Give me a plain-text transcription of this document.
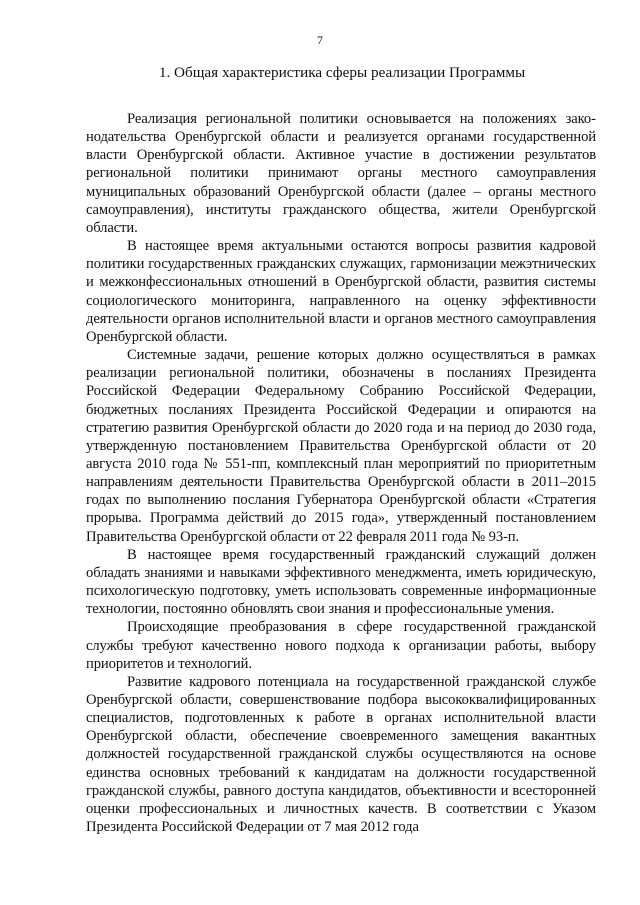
7
1. Общая характеристика сферы реализации Программы

Реализация региональной политики основывается на положениях законодательства Оренбургской области и реализуется органами государственной власти Оренбургской области. Активное участие в достижении результатов региональной политики принимают органы местного самоуправления муниципальных образований Оренбургской области (далее – органы местного самоуправления), институты гражданского общества, жители Оренбургской области.

В настоящее время актуальными остаются вопросы развития кадровой политики государственных гражданских служащих, гармонизации межэтнических и межконфессиональных отношений в Оренбургской области, развития системы социологического мониторинга, направленного на оценку эффективности деятельности органов исполнительной власти и органов местного самоуправления Оренбургской области.

Системные задачи, решение которых должно осуществляться в рамках реализации региональной политики, обозначены в посланиях Президента Российской Федерации Федеральному Собранию Российской Федерации, бюджетных посланиях Президента Российской Федерации и опираются на стратегию развития Оренбургской области до 2020 года и на период до 2030 года, утвержденную постановлением Правительства Оренбургской области от 20 августа 2010 года № 551-пп, комплексный план мероприятий по приоритетным направлениям деятельности Правительства Оренбургской области в 2011–2015 годах по выполнению послания Губернатора Оренбургской области «Стратегия прорыва. Программа действий до 2015 года», утвержденный постановлением Правительства Оренбургской области от 22 февраля 2011 года № 93-п.

В настоящее время государственный гражданский служащий должен обладать знаниями и навыками эффективного менеджмента, иметь юридическую, психологическую подготовку, уметь использовать современные информационные технологии, постоянно обновлять свои знания и профессиональные умения.

Происходящие преобразования в сфере государственной гражданской службы требуют качественно нового подхода к организации работы, выбору приоритетов и технологий.

Развитие кадрового потенциала на государственной гражданской службе Оренбургской области, совершенствование подбора высококвалифицированных специалистов, подготовленных к работе в органах исполнительной власти Оренбургской области, обеспечение своевременного замещения вакантных должностей государственной гражданской службы осуществляются на основе единства основных требований к кандидатам на должности государственной гражданской службы, равного доступа кандидатов, объективности и всесторонней оценки профессиональных и личностных качеств. В соответствии с Указом Президента Российской Федерации от 7 мая 2012 года
